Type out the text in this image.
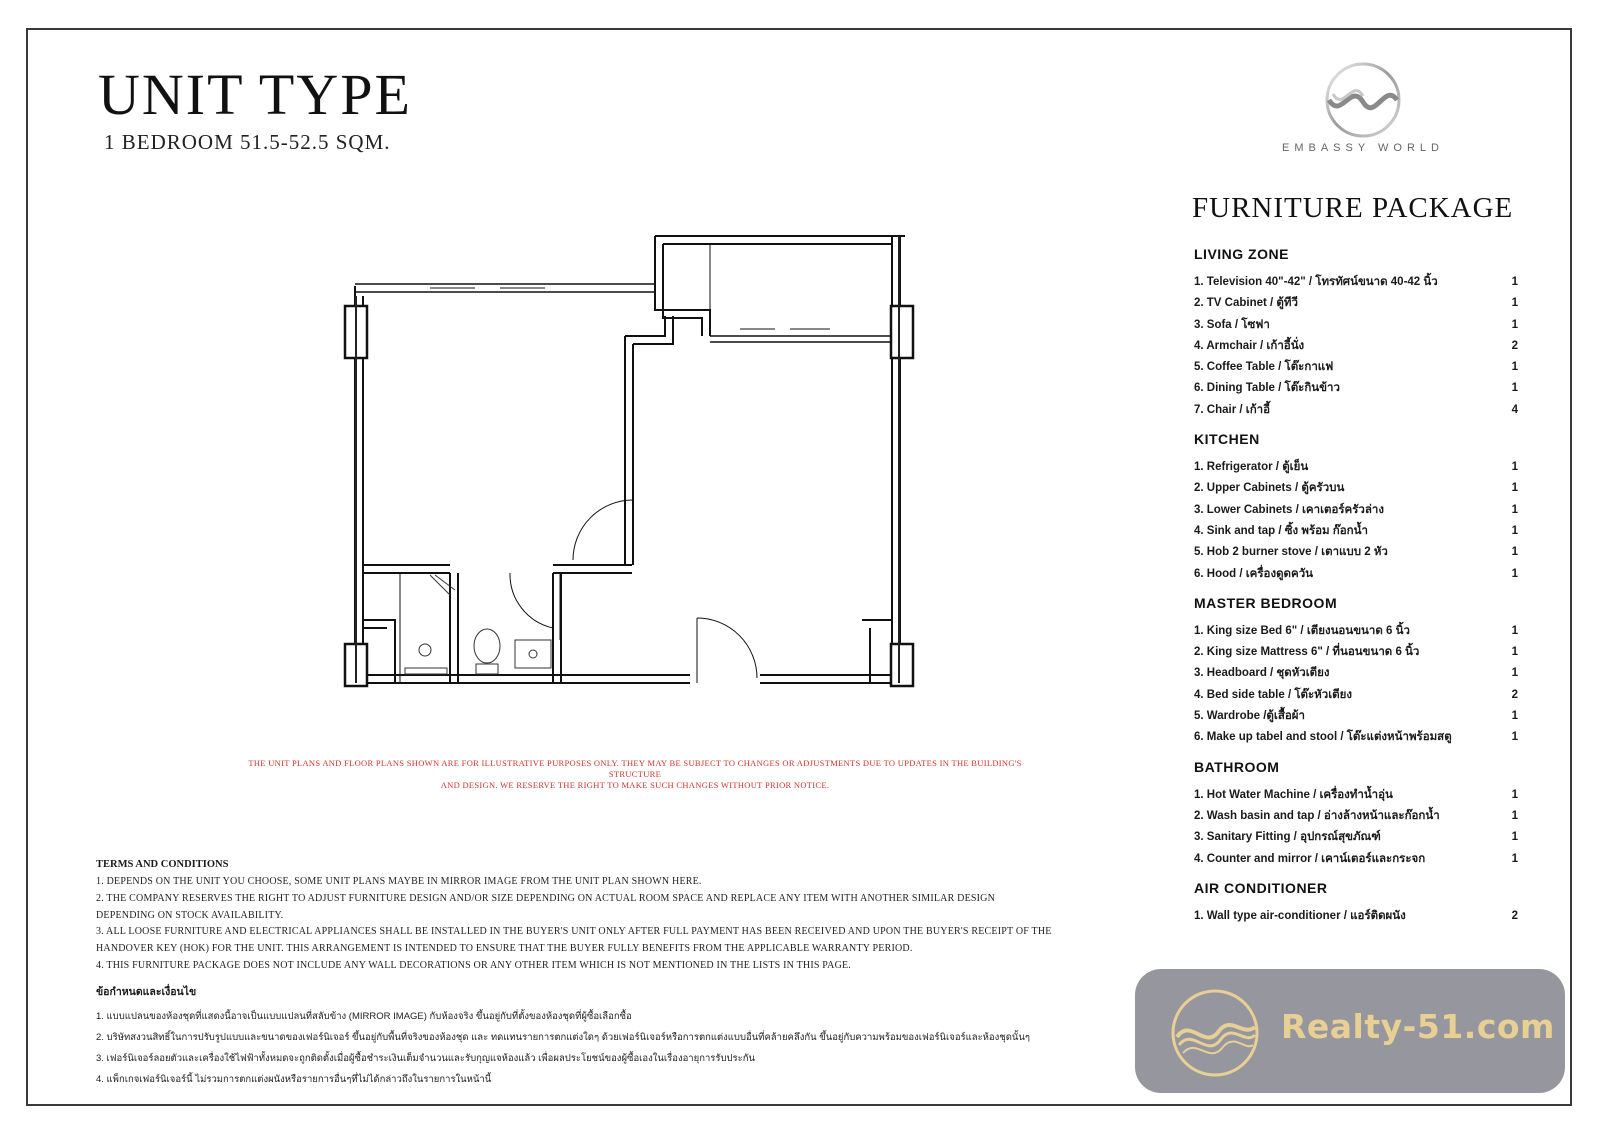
UNIT TYPE
1 BEDROOM 51.5-52.5 SQM.	EMBASSY WORLD
FURNITURE PACKAGE
LIVING ZONE
1. Television 40"-42" / โทรทัศน์ขนาด 40-42 นิ้ว	1
2. TV Cabinet / ตู้ทีวี	1
3. Sofa / โซฟา	1
4. Armchair / เก้าอี้นั่ง	2
5. Coffee Table / โต๊ะกาแฟ	1
6. Dining Table / โต๊ะกินข้าว	1
7. Chair / เก้าอี้	4
KITCHEN
1. Refrigerator / ตู้เย็น	1
2. Upper Cabinets / ตู้ครัวบน	1
3. Lower Cabinets / เคาเตอร์ครัวล่าง	1
4. Sink and tap / ซิ้ง พร้อม ก๊อกน้ำ	1
5. Hob 2 burner stove / เตาแบบ 2 หัว	1
6. Hood / เครื่องดูดควัน	1
MASTER BEDROOM
1. King size Bed 6" / เตียงนอนขนาด 6 นิ้ว	1
2. King size Mattress 6" / ที่นอนขนาด 6 นิ้ว	1
3. Headboard / ชุดหัวเตียง	1
4. Bed side table / โต๊ะหัวเตียง	2
5. Wardrobe /ตู้เสื้อผ้า	1
6. Make up tabel and stool / โต๊ะแต่งหน้าพร้อมสตู	1
BATHROOM
1. Hot Water Machine / เครื่องทำน้ำอุ่น	1
2. Wash basin and tap / อ่างล้างหน้าและก๊อกน้ำ	1
3. Sanitary Fitting / อุปกรณ์สุขภัณฑ์	1
4. Counter and mirror / เคาน์เตอร์และกระจก	1
AIR CONDITIONER
1. Wall type air-conditioner / แอร์ติดผนัง	2
THE UNIT PLANS AND FLOOR PLANS SHOWN ARE FOR ILLUSTRATIVE PURPOSES ONLY. THEY MAY BE SUBJECT TO CHANGES OR ADJUSTMENTS DUE TO UPDATES IN THE BUILDING'S STRUCTURE
AND DESIGN. WE RESERVE THE RIGHT TO MAKE SUCH CHANGES WITHOUT PRIOR NOTICE.
TERMS AND CONDITIONS
1. DEPENDS ON THE UNIT YOU CHOOSE, SOME UNIT PLANS MAYBE IN MIRROR IMAGE FROM THE UNIT PLAN SHOWN HERE.
2. THE COMPANY RESERVES THE RIGHT TO ADJUST FURNITURE DESIGN AND/OR SIZE DEPENDING ON ACTUAL ROOM SPACE AND REPLACE ANY ITEM WITH ANOTHER SIMILAR DESIGN
DEPENDING ON STOCK AVAILABILITY.
3. ALL LOOSE FURNITURE AND ELECTRICAL APPLIANCES SHALL BE INSTALLED IN THE BUYER'S UNIT ONLY AFTER FULL PAYMENT HAS BEEN RECEIVED AND UPON THE BUYER'S RECEIPT OF THE
HANDOVER KEY (HOK) FOR THE UNIT. THIS ARRANGEMENT IS INTENDED TO ENSURE THAT THE BUYER FULLY BENEFITS FROM THE APPLICABLE WARRANTY PERIOD.
4. THIS FURNITURE PACKAGE DOES NOT INCLUDE ANY WALL DECORATIONS OR ANY OTHER ITEM WHICH IS NOT MENTIONED IN THE LISTS IN THIS PAGE.
ข้อกำหนดและเงื่อนไข
1. แบบแปลนของห้องชุดที่แสดงนี้อาจเป็นแบบแปลนที่สลับข้าง (MIRROR IMAGE) กับห้องจริง ขึ้นอยู่กับที่ตั้งของห้องชุดที่ผู้ซื้อเลือกซื้อ
2. บริษัทสงวนสิทธิ์ในการปรับรูปแบบและขนาดของเฟอร์นิเจอร์ ขึ้นอยู่กับพื้นที่จริงของห้องชุด และ ทดแทนรายการตกแต่งใดๆ ด้วยเฟอร์นิเจอร์หรือการตกแต่งแบบอื่นที่คล้ายคลึงกัน ขึ้นอยู่กับความพร้อมของเฟอร์นิเจอร์และห้องชุดนั้นๆ
3. เฟอร์นิเจอร์ลอยตัวและเครื่องใช้ไฟฟ้าทั้งหมดจะถูกติดตั้งเมื่อผู้ซื้อชำระเงินเต็มจำนวนและรับกุญแจห้องแล้ว เพื่อผลประโยชน์ของผู้ซื้อเองในเรื่องอายุการรับประกัน
4. แพ็กเกจเฟอร์นิเจอร์นี้ ไม่รวมการตกแต่งผนังหรือรายการอื่นๆที่ไม่ได้กล่าวถึงในรายการในหน้านี้
Realty-51.com
